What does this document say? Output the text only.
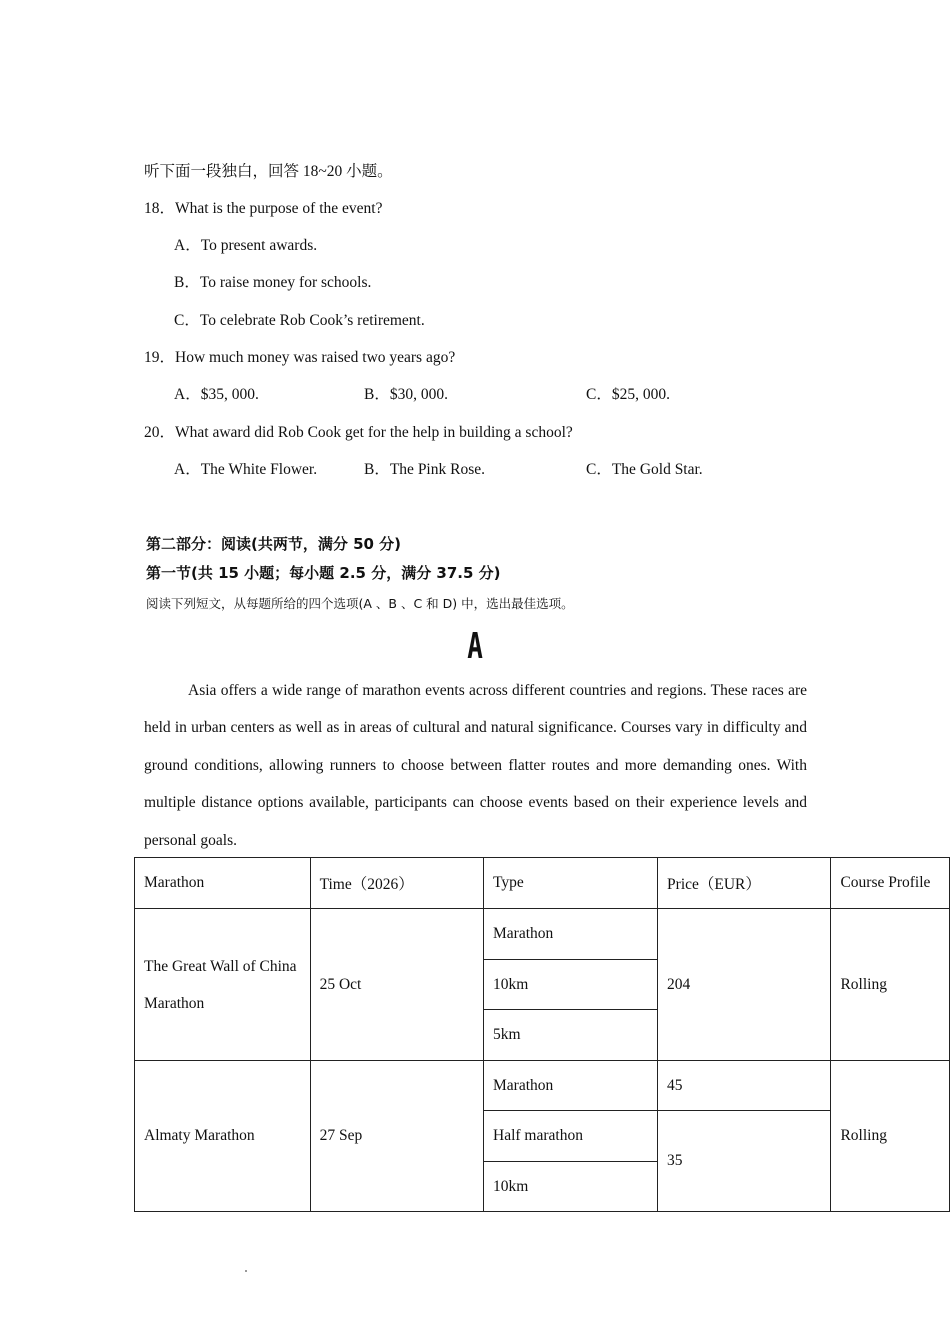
听下面一段独白，回答 18~20 小题。
18．What is the purpose of the event?
A．To present awards.
B．To raise money for schools.
C．To celebrate Rob Cook’s retirement.
19．How much money was raised two years ago?
A．$35, 000.	B．$30, 000.	C．$25, 000.
20．What award did Rob Cook get for the help in building a school?
A．The White Flower.	B．The Pink Rose.	C．The Gold Star.
第二部分：阅读(共两节，满分 50 分)
第一节(共 15 小题；每小题 2.5 分，满分 37.5 分)
阅读下列短文，从每题所给的四个选项(A 、B 、C 和 D) 中，选出最佳选项。
A

Asia offers a wide range of marathon events across different countries and regions. These races are held in urban centers as well as in areas of cultural and natural significance. Courses vary in difficulty and ground conditions, allowing runners to choose between flatter routes and more demanding ones. With multiple distance options available, participants can choose events based on their experience levels and personal goals.

Marathon	Time（2026）	Type	Price（EUR）	Course Profile
The Great Wall of China Marathon	25 Oct	Marathon	204	Rolling
		10km		
		5km		
Almaty Marathon	27 Sep	Marathon	45	Rolling
		Half marathon	35	
		10km		
